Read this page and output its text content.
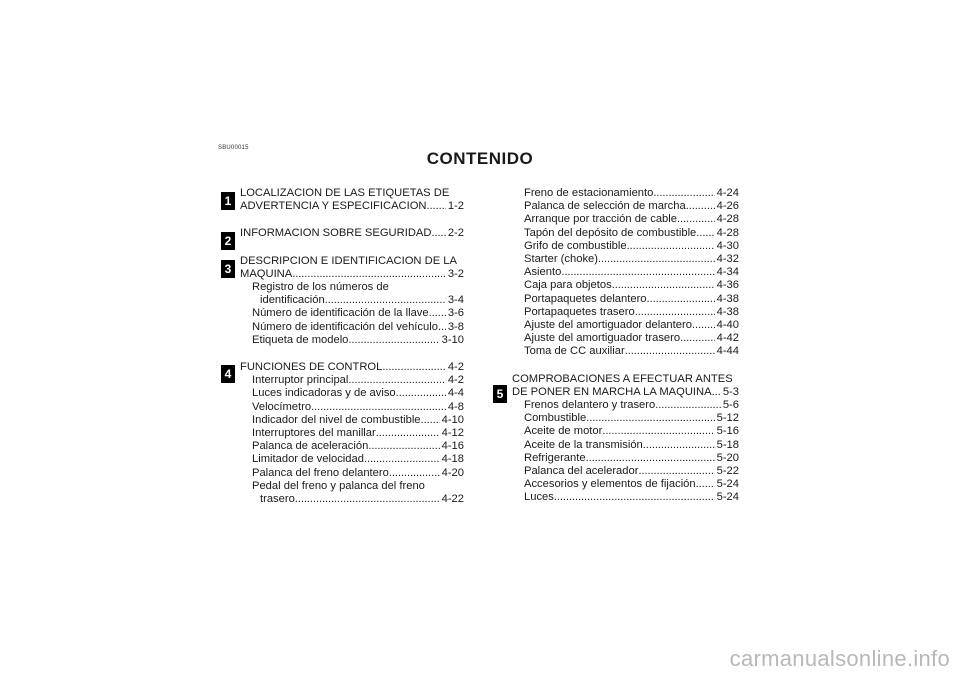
SBU00015
CONTENIDO
1
2
3
4
5
LOCALIZACION DE LAS ETIQUETAS DE
ADVERTENCIA Y ESPECIFICACION . . . 1-2
INFORMACION SOBRE SEGURIDAD . . . 2-2
DESCRIPCION E IDENTIFICACION DE LA
MAQUINA . . .	3-2
Registro de los números de
identificación . . .	3-4
Número de identificación de la llave . . . 3-6
Número de identificación del vehículo . . . 3-8
Etiqueta de modelo . . .	3-10
FUNCIONES DE CONTROL . . .	4-2
Interruptor principal . . .	4-2
Luces indicadoras y de aviso . . .	4-4
Velocímetro . . .	4-8
Indicador del nivel de combustible . . . 4-10
Interruptores del manillar . . .	4-12
Palanca de aceleración . . .	4-16
Limitador de velocidad . . .	4-18
Palanca del freno delantero . . .	4-20
Pedal del freno y palanca del freno
trasero . . .	4-22
Freno de estacionamiento . . .	4-24
Palanca de selección de marcha . . .	4-26
Arranque por tracción de cable . . .	4-28
Tapón del depósito de combustible . . . 4-28
Grifo de combustible . . .	4-30
Starter (choke) . . .	4-32
Asiento . . .	4-34
Caja para objetos . . .	4-36
Portapaquetes delantero . . .	4-38
Portapaquetes trasero . . .	4-38
Ajuste del amortiguador delantero . . . 4-40
Ajuste del amortiguador trasero . . .	4-42
Toma de CC auxiliar . . .	4-44
COMPROBACIONES A EFECTUAR ANTES
DE PONER EN MARCHA LA MAQUINA . . . 5-3
Frenos delantero y trasero . . .	5-6
Combustible . . .	5-12
Aceite de motor . . .	5-16
Aceite de la transmisión . . .	5-18
Refrigerante . . .	5-20
Palanca del acelerador . . .	5-22
Accesorios y elementos de fijación . . . 5-24
Luces . . .	5-24
carmanualsonline.info
